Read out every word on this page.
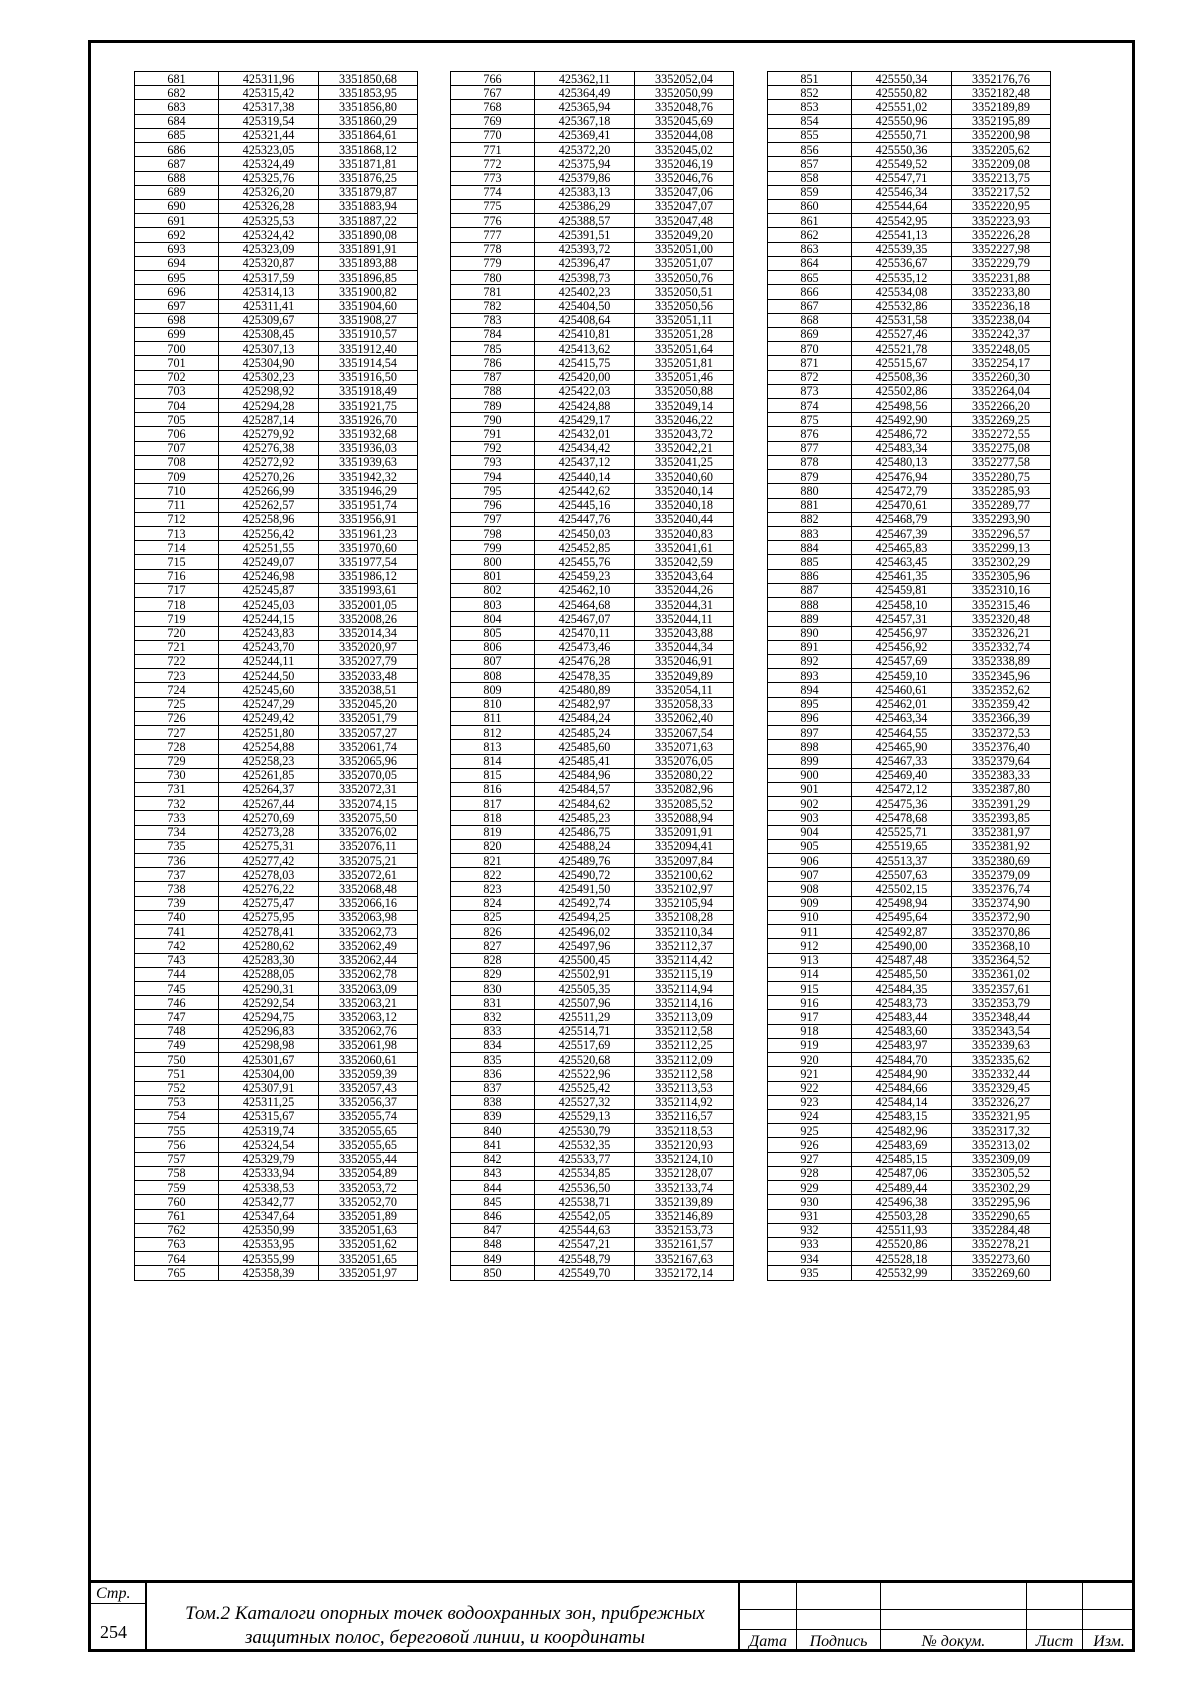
681	425311,96	3351850,68
682	425315,42	3351853,95
683	425317,38	3351856,80
684	425319,54	3351860,29
685	425321,44	3351864,61
686	425323,05	3351868,12
687	425324,49	3351871,81
688	425325,76	3351876,25
689	425326,20	3351879,87
690	425326,28	3351883,94
691	425325,53	3351887,22
692	425324,42	3351890,08
693	425323,09	3351891,91
694	425320,87	3351893,88
695	425317,59	3351896,85
696	425314,13	3351900,82
697	425311,41	3351904,60
698	425309,67	3351908,27
699	425308,45	3351910,57
700	425307,13	3351912,40
701	425304,90	3351914,54
702	425302,23	3351916,50
703	425298,92	3351918,49
704	425294,28	3351921,75
705	425287,14	3351926,70
706	425279,92	3351932,68
707	425276,38	3351936,03
708	425272,92	3351939,63
709	425270,26	3351942,32
710	425266,99	3351946,29
711	425262,57	3351951,74
712	425258,96	3351956,91
713	425256,42	3351961,23
714	425251,55	3351970,60
715	425249,07	3351977,54
716	425246,98	3351986,12
717	425245,87	3351993,61
718	425245,03	3352001,05
719	425244,15	3352008,26
720	425243,83	3352014,34
721	425243,70	3352020,97
722	425244,11	3352027,79
723	425244,50	3352033,48
724	425245,60	3352038,51
725	425247,29	3352045,20
726	425249,42	3352051,79
727	425251,80	3352057,27
728	425254,88	3352061,74
729	425258,23	3352065,96
730	425261,85	3352070,05
731	425264,37	3352072,31
732	425267,44	3352074,15
733	425270,69	3352075,50
734	425273,28	3352076,02
735	425275,31	3352076,11
736	425277,42	3352075,21
737	425278,03	3352072,61
738	425276,22	3352068,48
739	425275,47	3352066,16
740	425275,95	3352063,98
741	425278,41	3352062,73
742	425280,62	3352062,49
743	425283,30	3352062,44
744	425288,05	3352062,78
745	425290,31	3352063,09
746	425292,54	3352063,21
747	425294,75	3352063,12
748	425296,83	3352062,76
749	425298,98	3352061,98
750	425301,67	3352060,61
751	425304,00	3352059,39
752	425307,91	3352057,43
753	425311,25	3352056,37
754	425315,67	3352055,74
755	425319,74	3352055,65
756	425324,54	3352055,65
757	425329,79	3352055,44
758	425333,94	3352054,89
759	425338,53	3352053,72
760	425342,77	3352052,70
761	425347,64	3352051,89
762	425350,99	3352051,63
763	425353,95	3352051,62
764	425355,99	3352051,65
765	425358,39	3352051,97
766	425362,11	3352052,04
767	425364,49	3352050,99
768	425365,94	3352048,76
769	425367,18	3352045,69
770	425369,41	3352044,08
771	425372,20	3352045,02
772	425375,94	3352046,19
773	425379,86	3352046,76
774	425383,13	3352047,06
775	425386,29	3352047,07
776	425388,57	3352047,48
777	425391,51	3352049,20
778	425393,72	3352051,00
779	425396,47	3352051,07
780	425398,73	3352050,76
781	425402,23	3352050,51
782	425404,50	3352050,56
783	425408,64	3352051,11
784	425410,81	3352051,28
785	425413,62	3352051,64
786	425415,75	3352051,81
787	425420,00	3352051,46
788	425422,03	3352050,88
789	425424,88	3352049,14
790	425429,17	3352046,22
791	425432,01	3352043,72
792	425434,42	3352042,21
793	425437,12	3352041,25
794	425440,14	3352040,60
795	425442,62	3352040,14
796	425445,16	3352040,18
797	425447,76	3352040,44
798	425450,03	3352040,83
799	425452,85	3352041,61
800	425455,76	3352042,59
801	425459,23	3352043,64
802	425462,10	3352044,26
803	425464,68	3352044,31
804	425467,07	3352044,11
805	425470,11	3352043,88
806	425473,46	3352044,34
807	425476,28	3352046,91
808	425478,35	3352049,89
809	425480,89	3352054,11
810	425482,97	3352058,33
811	425484,24	3352062,40
812	425485,24	3352067,54
813	425485,60	3352071,63
814	425485,41	3352076,05
815	425484,96	3352080,22
816	425484,57	3352082,96
817	425484,62	3352085,52
818	425485,23	3352088,94
819	425486,75	3352091,91
820	425488,24	3352094,41
821	425489,76	3352097,84
822	425490,72	3352100,62
823	425491,50	3352102,97
824	425492,74	3352105,94
825	425494,25	3352108,28
826	425496,02	3352110,34
827	425497,96	3352112,37
828	425500,45	3352114,42
829	425502,91	3352115,19
830	425505,35	3352114,94
831	425507,96	3352114,16
832	425511,29	3352113,09
833	425514,71	3352112,58
834	425517,69	3352112,25
835	425520,68	3352112,09
836	425522,96	3352112,58
837	425525,42	3352113,53
838	425527,32	3352114,92
839	425529,13	3352116,57
840	425530,79	3352118,53
841	425532,35	3352120,93
842	425533,77	3352124,10
843	425534,85	3352128,07
844	425536,50	3352133,74
845	425538,71	3352139,89
846	425542,05	3352146,89
847	425544,63	3352153,73
848	425547,21	3352161,57
849	425548,79	3352167,63
850	425549,70	3352172,14
851	425550,34	3352176,76
852	425550,82	3352182,48
853	425551,02	3352189,89
854	425550,96	3352195,89
855	425550,71	3352200,98
856	425550,36	3352205,62
857	425549,52	3352209,08
858	425547,71	3352213,75
859	425546,34	3352217,52
860	425544,64	3352220,95
861	425542,95	3352223,93
862	425541,13	3352226,28
863	425539,35	3352227,98
864	425536,67	3352229,79
865	425535,12	3352231,88
866	425534,08	3352233,80
867	425532,86	3352236,18
868	425531,58	3352238,04
869	425527,46	3352242,37
870	425521,78	3352248,05
871	425515,67	3352254,17
872	425508,36	3352260,30
873	425502,86	3352264,04
874	425498,56	3352266,20
875	425492,90	3352269,25
876	425486,72	3352272,55
877	425483,34	3352275,08
878	425480,13	3352277,58
879	425476,94	3352280,75
880	425472,79	3352285,93
881	425470,61	3352289,77
882	425468,79	3352293,90
883	425467,39	3352296,57
884	425465,83	3352299,13
885	425463,45	3352302,29
886	425461,35	3352305,96
887	425459,81	3352310,16
888	425458,10	3352315,46
889	425457,31	3352320,48
890	425456,97	3352326,21
891	425456,92	3352332,74
892	425457,69	3352338,89
893	425459,10	3352345,96
894	425460,61	3352352,62
895	425462,01	3352359,42
896	425463,34	3352366,39
897	425464,55	3352372,53
898	425465,90	3352376,40
899	425467,33	3352379,64
900	425469,40	3352383,33
901	425472,12	3352387,80
902	425475,36	3352391,29
903	425478,68	3352393,85
904	425525,71	3352381,97
905	425519,65	3352381,92
906	425513,37	3352380,69
907	425507,63	3352379,09
908	425502,15	3352376,74
909	425498,94	3352374,90
910	425495,64	3352372,90
911	425492,87	3352370,86
912	425490,00	3352368,10
913	425487,48	3352364,52
914	425485,50	3352361,02
915	425484,35	3352357,61
916	425483,73	3352353,79
917	425483,44	3352348,44
918	425483,60	3352343,54
919	425483,97	3352339,63
920	425484,70	3352335,62
921	425484,90	3352332,44
922	425484,66	3352329,45
923	425484,14	3352326,27
924	425483,15	3352321,95
925	425482,96	3352317,32
926	425483,69	3352313,02
927	425485,15	3352309,09
928	425487,06	3352305,52
929	425489,44	3352302,29
930	425496,38	3352295,96
931	425503,28	3352290,65
932	425511,93	3352284,48
933	425520,86	3352278,21
934	425528,18	3352273,60
935	425532,99	3352269,60
Стр.
254
Том.2 Каталоги опорных точек водоохранных зон, прибрежных защитных полос, береговой линии, и координаты	Дата	Подпись	№ докум.	Лист	Изм.
